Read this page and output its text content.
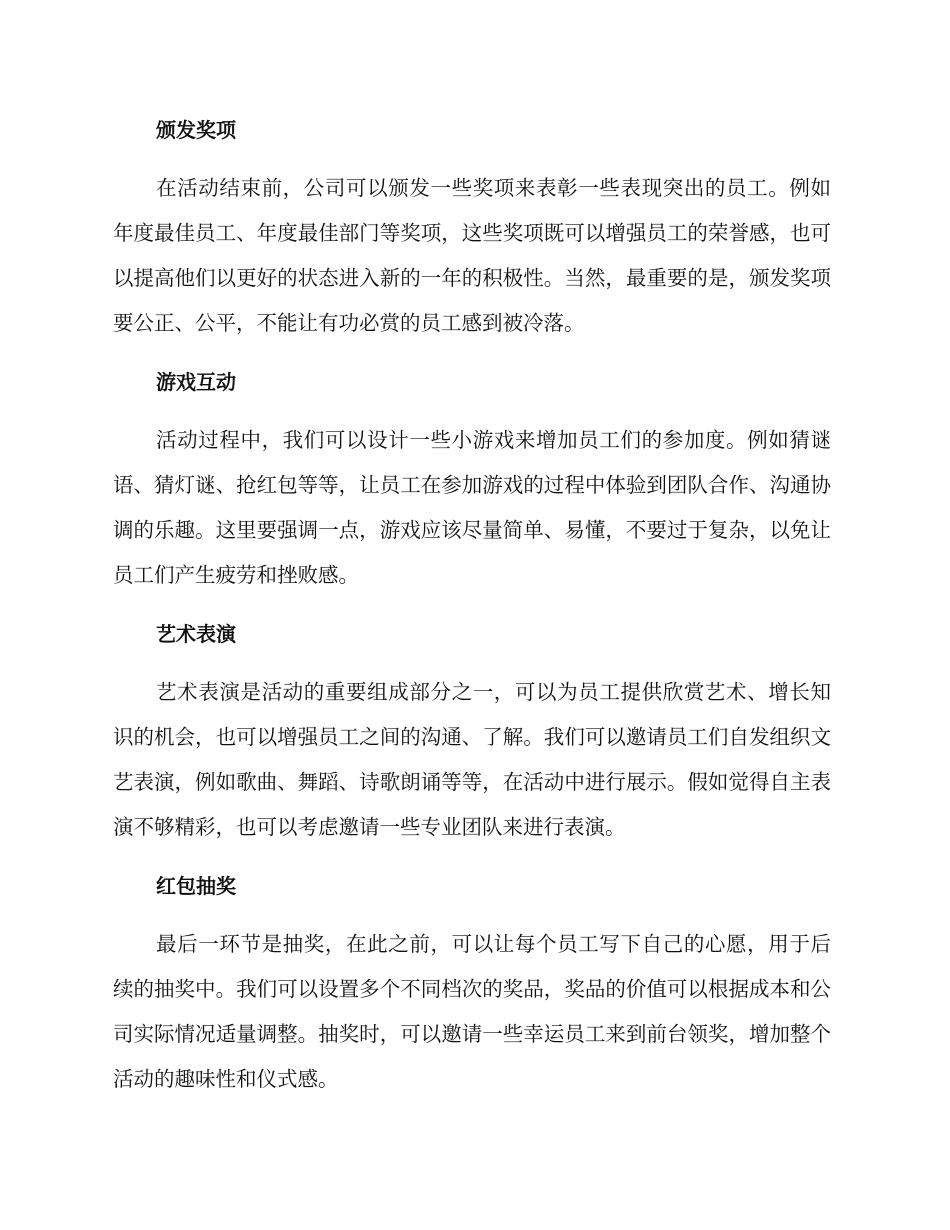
颁发奖项

在活动结束前，公司可以颁发一些奖项来表彰一些表现突出的员工。例如年度最佳员工、年度最佳部门等奖项，这些奖项既可以增强员工的荣誉感，也可以提高他们以更好的状态进入新的一年的积极性。当然，最重要的是，颁发奖项要公正、公平，不能让有功必赏的员工感到被冷落。

游戏互动

活动过程中，我们可以设计一些小游戏来增加员工们的参加度。例如猜谜语、猜灯谜、抢红包等等，让员工在参加游戏的过程中体验到团队合作、沟通协调的乐趣。这里要强调一点，游戏应该尽量简单、易懂，不要过于复杂，以免让员工们产生疲劳和挫败感。

艺术表演

艺术表演是活动的重要组成部分之一，可以为员工提供欣赏艺术、增长知识的机会，也可以增强员工之间的沟通、了解。我们可以邀请员工们自发组织文艺表演，例如歌曲、舞蹈、诗歌朗诵等等，在活动中进行展示。假如觉得自主表演不够精彩，也可以考虑邀请一些专业团队来进行表演。

红包抽奖

最后一环节是抽奖，在此之前，可以让每个员工写下自己的心愿，用于后续的抽奖中。我们可以设置多个不同档次的奖品，奖品的价值可以根据成本和公司实际情况适量调整。抽奖时，可以邀请一些幸运员工来到前台领奖，增加整个活动的趣味性和仪式感。
